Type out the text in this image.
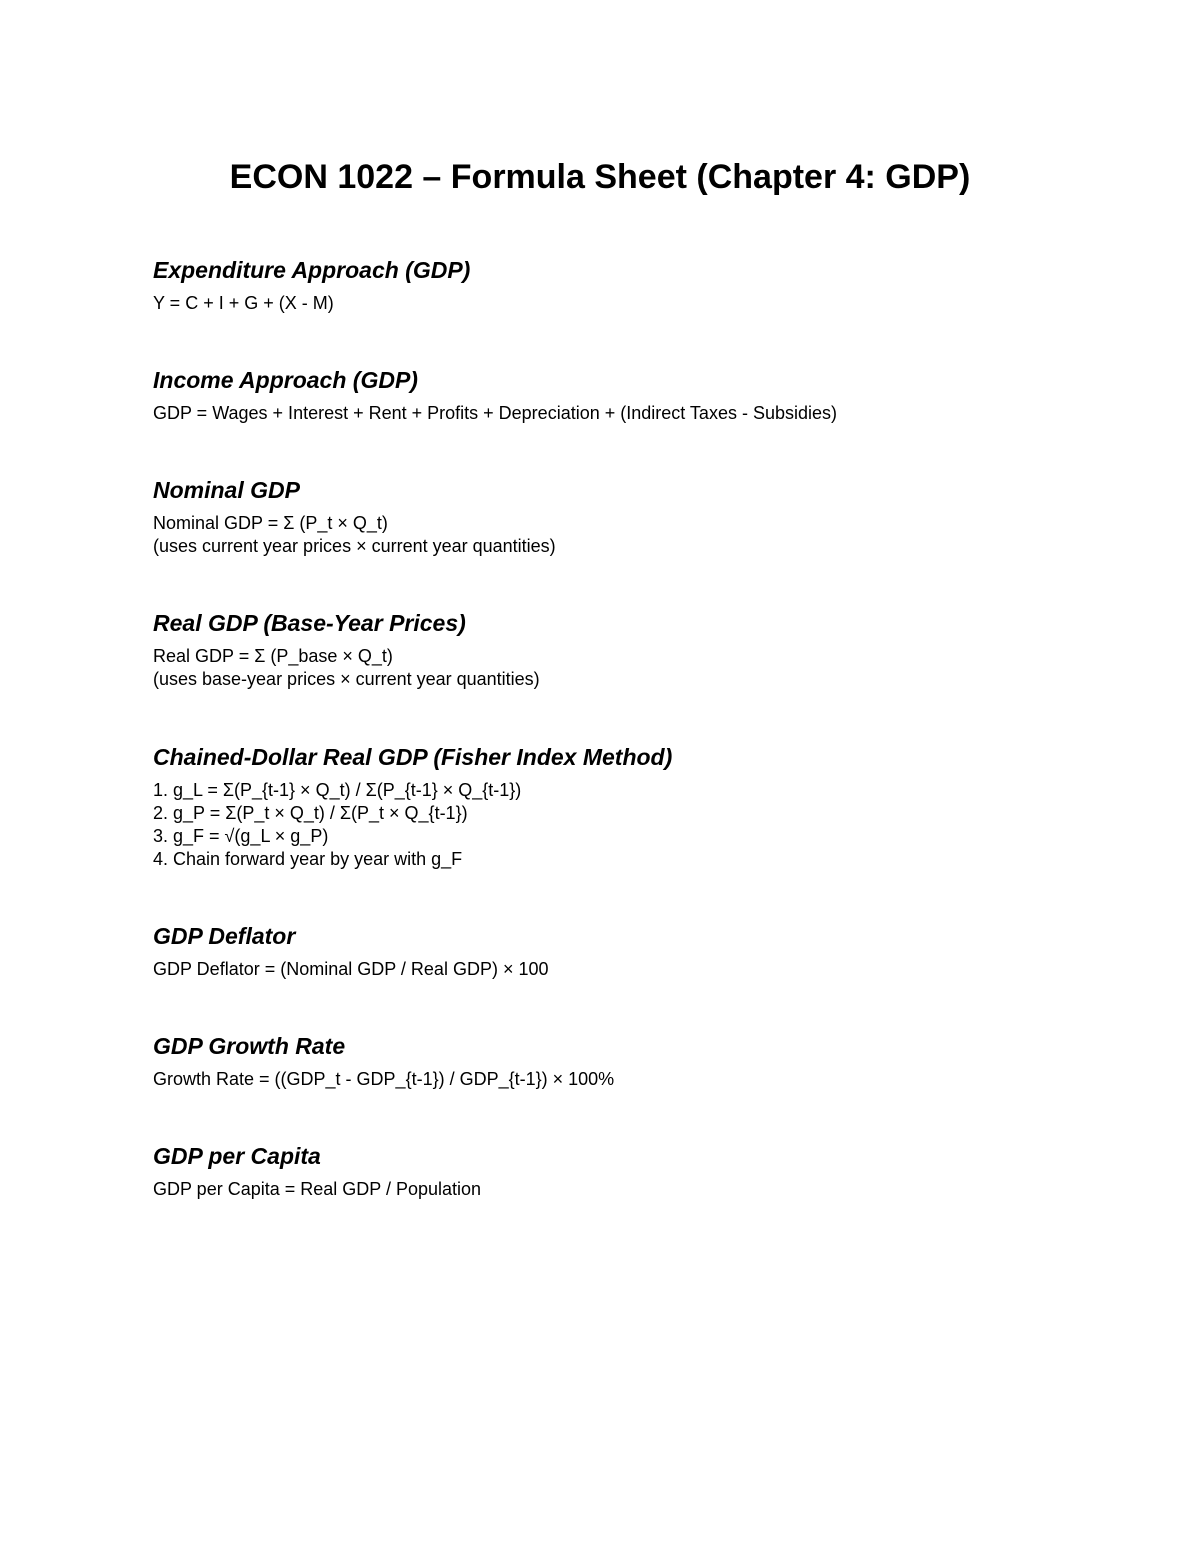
ECON 1022 – Formula Sheet (Chapter 4: GDP)

Expenditure Approach (GDP)

Y = C + I + G + (X - M)

Income Approach (GDP)

GDP = Wages + Interest + Rent + Profits + Depreciation + (Indirect Taxes - Subsidies)

Nominal GDP

Nominal GDP = Σ (P_t × Q_t)

(uses current year prices × current year quantities)

Real GDP (Base-Year Prices)

Real GDP = Σ (P_base × Q_t)

(uses base-year prices × current year quantities)

Chained-Dollar Real GDP (Fisher Index Method)

1. g_L = Σ(P_{t-1} × Q_t) / Σ(P_{t-1} × Q_{t-1})

2. g_P = Σ(P_t × Q_t) / Σ(P_t × Q_{t-1})

3. g_F = √(g_L × g_P)

4. Chain forward year by year with g_F

GDP Deflator

GDP Deflator = (Nominal GDP / Real GDP) × 100

GDP Growth Rate

Growth Rate = ((GDP_t - GDP_{t-1}) / GDP_{t-1}) × 100%

GDP per Capita

GDP per Capita = Real GDP / Population
